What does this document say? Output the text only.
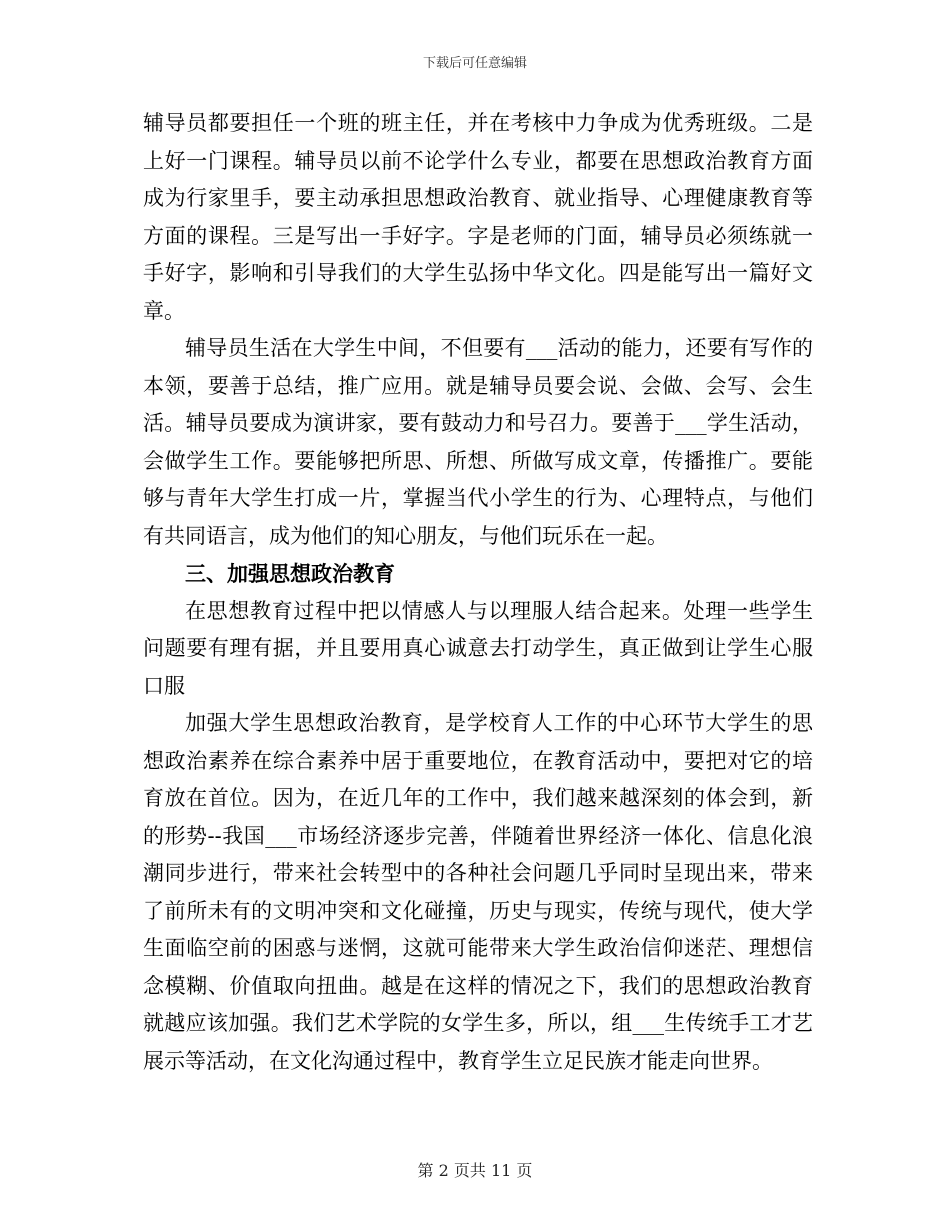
下载后可任意编辑

辅导员都要担任一个班的班主任，并在考核中力争成为优秀班级。二是上好一门课程。辅导员以前不论学什么专业，都要在思想政治教育方面成为行家里手，要主动承担思想政治教育、就业指导、心理健康教育等方面的课程。三是写出一手好字。字是老师的门面，辅导员必须练就一手好字，影响和引导我们的大学生弘扬中华文化。四是能写出一篇好文章。

辅导员生活在大学生中间，不但要有___活动的能力，还要有写作的本领，要善于总结，推广应用。就是辅导员要会说、会做、会写、会生活。辅导员要成为演讲家，要有鼓动力和号召力。要善于___学生活动，会做学生工作。要能够把所思、所想、所做写成文章，传播推广。要能够与青年大学生打成一片，掌握当代小学生的行为、心理特点，与他们有共同语言，成为他们的知心朋友，与他们玩乐在一起。

三、加强思想政治教育

在思想教育过程中把以情感人与以理服人结合起来。处理一些学生问题要有理有据，并且要用真心诚意去打动学生，真正做到让学生心服口服

加强大学生思想政治教育，是学校育人工作的中心环节大学生的思想政治素养在综合素养中居于重要地位，在教育活动中，要把对它的培育放在首位。因为，在近几年的工作中，我们越来越深刻的体会到，新的形势--我国___市场经济逐步完善，伴随着世界经济一体化、信息化浪潮同步进行，带来社会转型中的各种社会问题几乎同时呈现出来，带来了前所未有的文明冲突和文化碰撞，历史与现实，传统与现代，使大学生面临空前的困惑与迷惘，这就可能带来大学生政治信仰迷茫、理想信念模糊、价值取向扭曲。越是在这样的情况之下，我们的思想政治教育就越应该加强。我们艺术学院的女学生多，所以，组___生传统手工才艺展示等活动，在文化沟通过程中，教育学生立足民族才能走向世界。

第 2 页共 11 页
